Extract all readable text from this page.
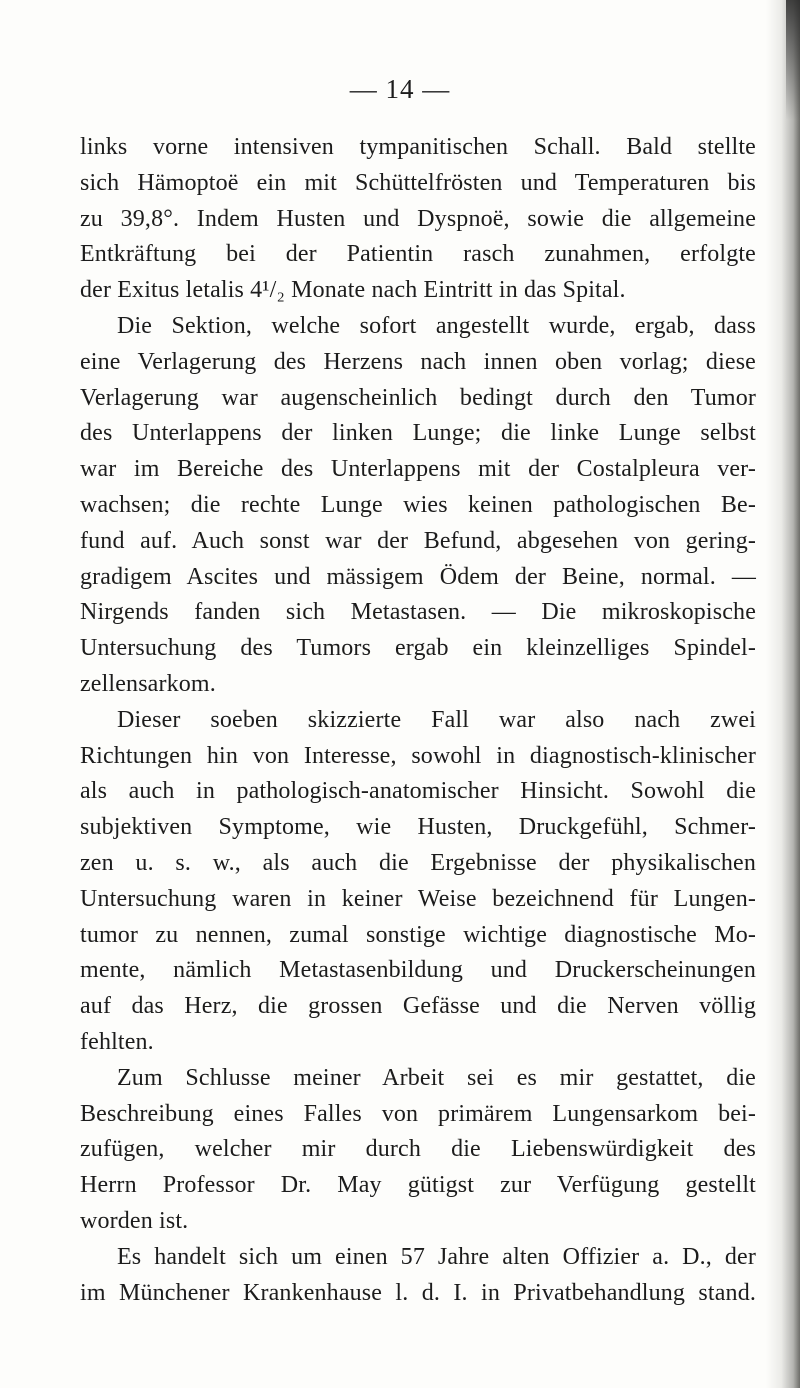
— 14 —
links vorne intensiven tympanitischen Schall. Bald stellte
sich Hämoptoë ein mit Schüttelfrösten und Temperaturen bis
zu 39,8°. Indem Husten und Dyspnoë, sowie die allgemeine
Entkräftung bei der Patientin rasch zunahmen, erfolgte
der Exitus letalis 4¹/₂ Monate nach Eintritt in das Spital.
Die Sektion, welche sofort angestellt wurde, ergab, dass
eine Verlagerung des Herzens nach innen oben vorlag; diese
Verlagerung war augenscheinlich bedingt durch den Tumor
des Unterlappens der linken Lunge; die linke Lunge selbst
war im Bereiche des Unterlappens mit der Costalpleura ver-
wachsen; die rechte Lunge wies keinen pathologischen Be-
fund auf. Auch sonst war der Befund, abgesehen von gering-
gradigem Ascites und mässigem Ödem der Beine, normal. —
Nirgends fanden sich Metastasen. — Die mikroskopische
Untersuchung des Tumors ergab ein kleinzelliges Spindel-
zellensarkom.
Dieser soeben skizzierte Fall war also nach zwei
Richtungen hin von Interesse, sowohl in diagnostisch-klinischer
als auch in pathologisch-anatomischer Hinsicht. Sowohl die
subjektiven Symptome, wie Husten, Druckgefühl, Schmer-
zen u. s. w., als auch die Ergebnisse der physikalischen
Untersuchung waren in keiner Weise bezeichnend für Lungen-
tumor zu nennen, zumal sonstige wichtige diagnostische Mo-
mente, nämlich Metastasenbildung und Druckerscheinungen
auf das Herz, die grossen Gefässe und die Nerven völlig
fehlten.
Zum Schlusse meiner Arbeit sei es mir gestattet, die
Beschreibung eines Falles von primärem Lungensarkom bei-
zufügen, welcher mir durch die Liebenswürdigkeit des
Herrn Professor Dr. May gütigst zur Verfügung gestellt
worden ist.
Es handelt sich um einen 57 Jahre alten Offizier a. D., der
im Münchener Krankenhause l. d. I. in Privatbehandlung stand.
